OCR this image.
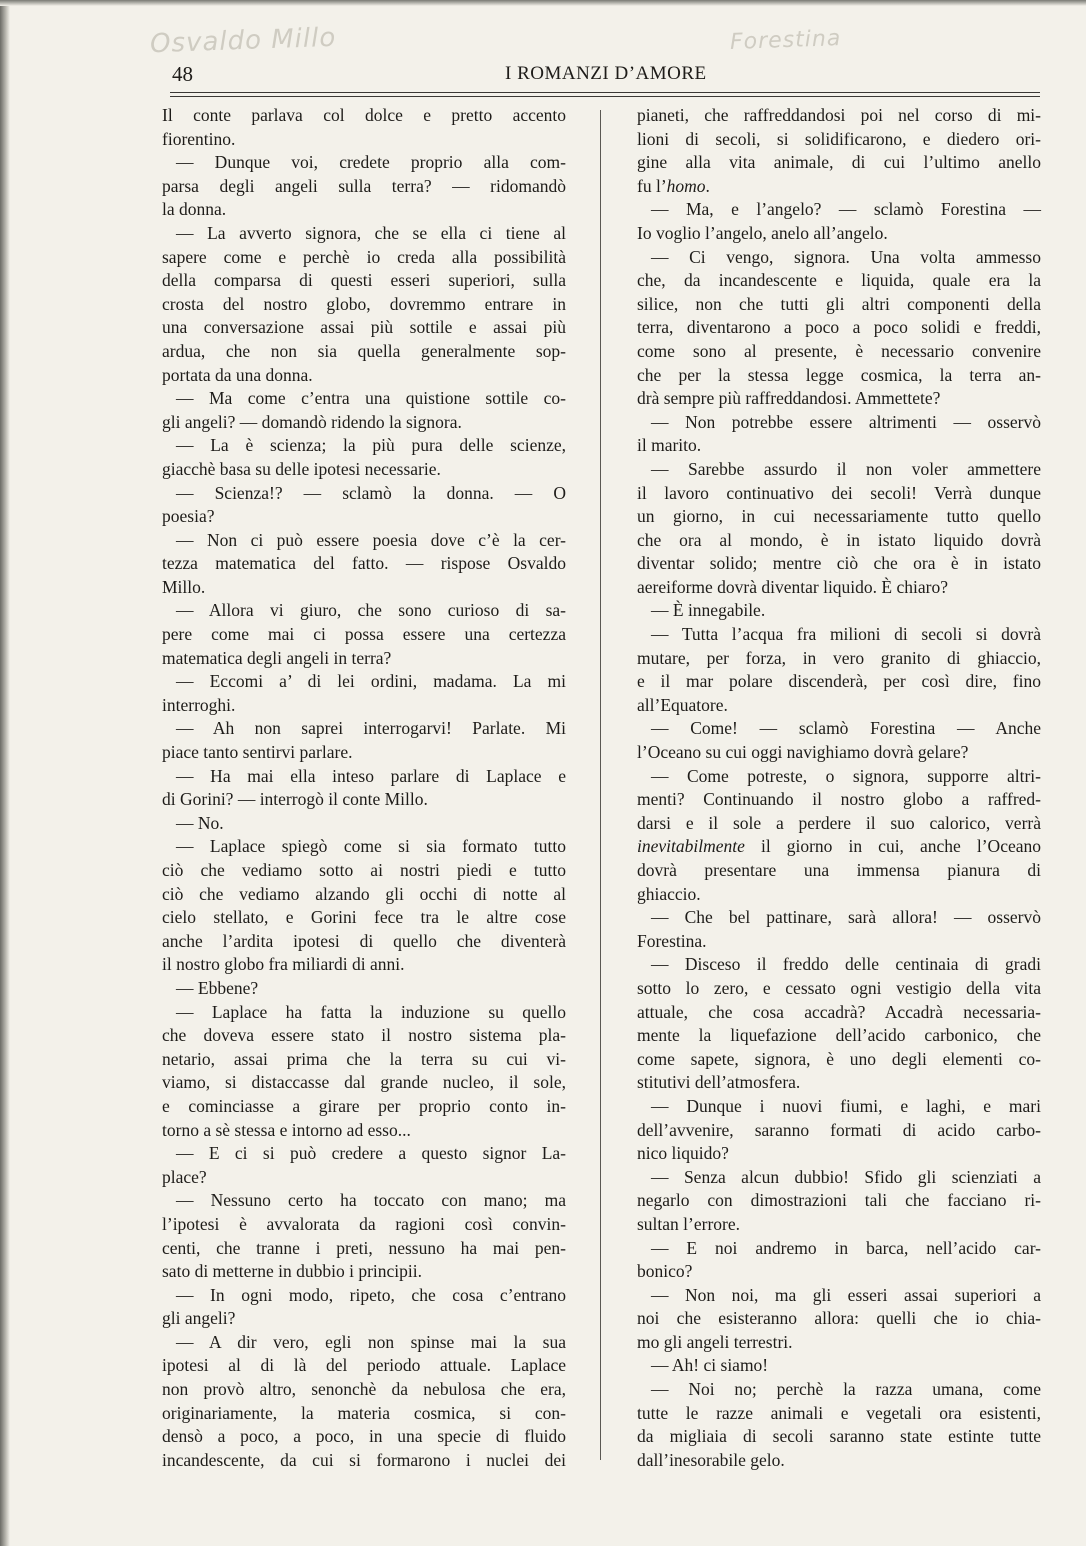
Osvaldo Millo	Forestina
48	I ROMANZI D’AMORE
Il conte parlava col dolce e pretto accento
fiorentino.
— Dunque voi, credete proprio alla com-
parsa degli angeli sulla terra? — ridomandò
la donna.
— La avverto signora, che se ella ci tiene al
sapere come e perchè io creda alla possibilità
della comparsa di questi esseri superiori, sulla
crosta del nostro globo, dovremmo entrare in
una conversazione assai più sottile e assai più
ardua, che non sia quella generalmente sop-
portata da una donna.
— Ma come c’entra una quistione sottile co-
gli angeli? — domandò ridendo la signora.
— La è scienza; la più pura delle scienze,
giacchè basa su delle ipotesi necessarie.
— Scienza!? — sclamò la donna. — O
poesia?
— Non ci può essere poesia dove c’è la cer-
tezza matematica del fatto. — rispose Osvaldo
Millo.
— Allora vi giuro, che sono curioso di sa-
pere come mai ci possa essere una certezza
matematica degli angeli in terra?
— Eccomi a’ di lei ordini, madama. La mi
interroghi.
— Ah non saprei interrogarvi! Parlate. Mi
piace tanto sentirvi parlare.
— Ha mai ella inteso parlare di Laplace e
di Gorini? — interrogò il conte Millo.
— No.
— Laplace spiegò come si sia formato tutto
ciò che vediamo sotto ai nostri piedi e tutto
ciò che vediamo alzando gli occhi di notte al
cielo stellato, e Gorini fece tra le altre cose
anche l’ardita ipotesi di quello che diventerà
il nostro globo fra miliardi di anni.
— Ebbene?
— Laplace ha fatta la induzione su quello
che doveva essere stato il nostro sistema pla-
netario, assai prima che la terra su cui vi-
viamo, si distaccasse dal grande nucleo, il sole,
e cominciasse a girare per proprio conto in-
torno a sè stessa e intorno ad esso...
— E ci si può credere a questo signor La-
place?
— Nessuno certo ha toccato con mano; ma
l’ipotesi è avvalorata da ragioni così convin-
centi, che tranne i preti, nessuno ha mai pen-
sato di metterne in dubbio i principii.
— In ogni modo, ripeto, che cosa c’entrano
gli angeli?
— A dir vero, egli non spinse mai la sua
ipotesi al di là del periodo attuale. Laplace
non provò altro, senonchè da nebulosa che era,
originariamente, la materia cosmica, si con-
densò a poco, a poco, in una specie di fluido
incandescente, da cui si formarono i nuclei dei
pianeti, che raffreddandosi poi nel corso di mi-
lioni di secoli, si solidificarono, e diedero ori-
gine alla vita animale, di cui l’ultimo anello
fu l’homo.
— Ma, e l’angelo? — sclamò Forestina —
Io voglio l’angelo, anelo all’angelo.
— Ci vengo, signora. Una volta ammesso
che, da incandescente e liquida, quale era la
silice, non che tutti gli altri componenti della
terra, diventarono a poco a poco solidi e freddi,
come sono al presente, è necessario convenire
che per la stessa legge cosmica, la terra an-
drà sempre più raffreddandosi. Ammettete?
— Non potrebbe essere altrimenti — osservò
il marito.
— Sarebbe assurdo il non voler ammettere
il lavoro continuativo dei secoli! Verrà dunque
un giorno, in cui necessariamente tutto quello
che ora al mondo, è in istato liquido dovrà
diventar solido; mentre ciò che ora è in istato
aereiforme dovrà diventar liquido. È chiaro?
— È innegabile.
— Tutta l’acqua fra milioni di secoli si dovrà
mutare, per forza, in vero granito di ghiaccio,
e il mar polare discenderà, per così dire, fino
all’Equatore.
— Come! — sclamò Forestina — Anche
l’Oceano su cui oggi navighiamo dovrà gelare?
— Come potreste, o signora, supporre altri-
menti? Continuando il nostro globo a raffred-
darsi e il sole a perdere il suo calorico, verrà
inevitabilmente il giorno in cui, anche l’Oceano
dovrà presentare una immensa pianura di
ghiaccio.
— Che bel pattinare, sarà allora! — osservò
Forestina.
— Disceso il freddo delle centinaia di gradi
sotto lo zero, e cessato ogni vestigio della vita
attuale, che cosa accadrà? Accadrà necessaria-
mente la liquefazione dell’acido carbonico, che
come sapete, signora, è uno degli elementi co-
stitutivi dell’atmosfera.
— Dunque i nuovi fiumi, e laghi, e mari
dell’avvenire, saranno formati di acido carbo-
nico liquido?
— Senza alcun dubbio! Sfido gli scienziati a
negarlo con dimostrazioni tali che facciano ri-
sultan l’errore.
— E noi andremo in barca, nell’acido car-
bonico?
— Non noi, ma gli esseri assai superiori a
noi che esisteranno allora: quelli che io chia-
mo gli angeli terrestri.
— Ah! ci siamo!
— Noi no; perchè la razza umana, come
tutte le razze animali e vegetali ora esistenti,
da migliaia di secoli saranno state estinte tutte
dall’inesorabile gelo.
